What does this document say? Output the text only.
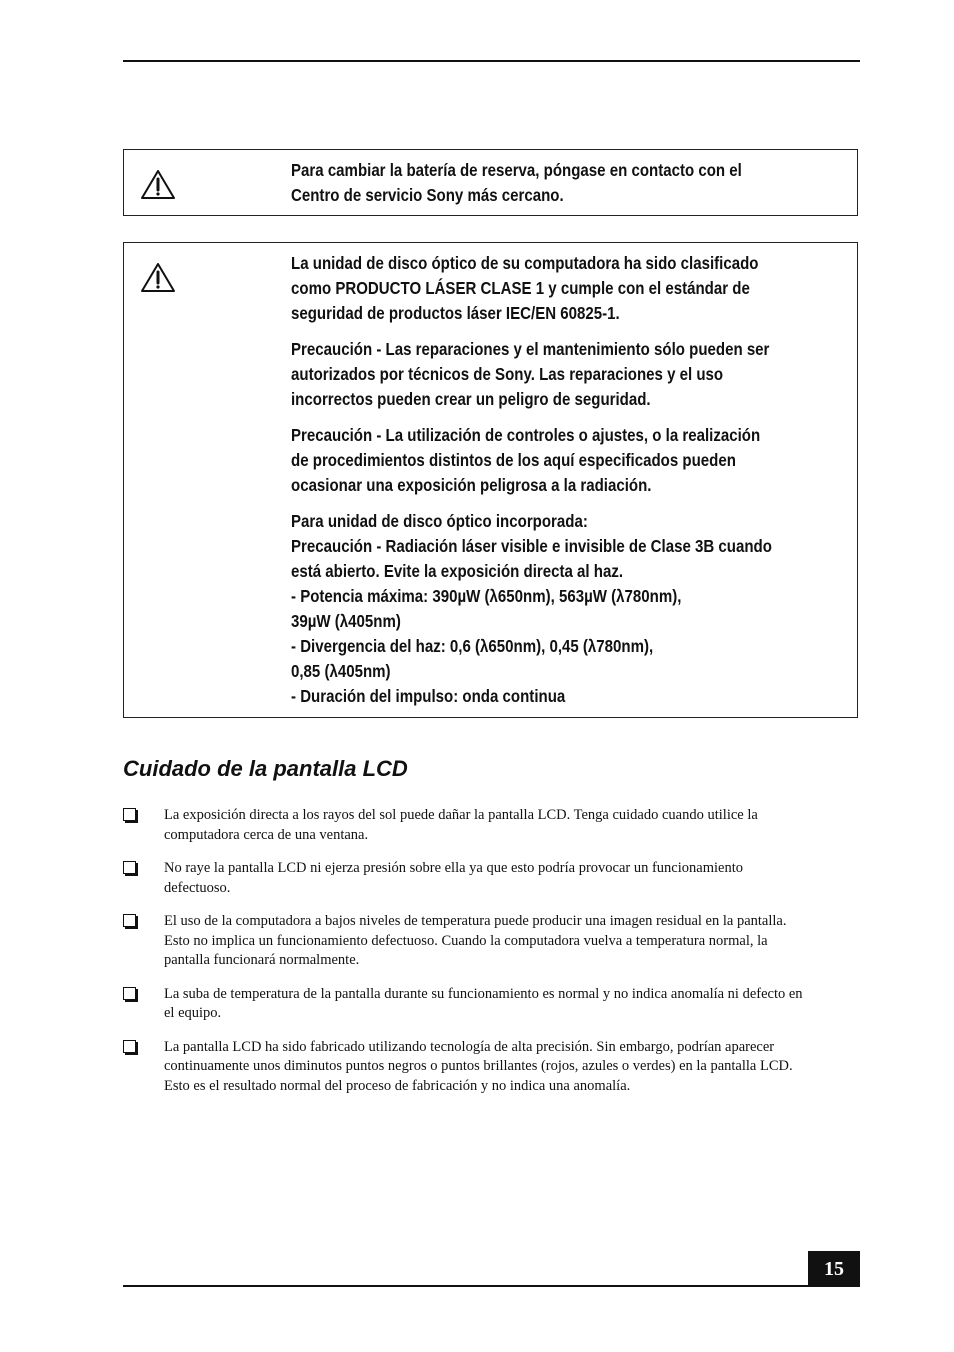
Para cambiar la batería de reserva, póngase en contacto con el
Centro de servicio Sony más cercano.

La unidad de disco óptico de su computadora ha sido clasificado
como PRODUCTO LÁSER CLASE 1 y cumple con el estándar de
seguridad de productos láser IEC/EN 60825-1.

Precaución - Las reparaciones y el mantenimiento sólo pueden ser
autorizados por técnicos de Sony. Las reparaciones y el uso
incorrectos pueden crear un peligro de seguridad.

Precaución - La utilización de controles o ajustes, o la realización
de procedimientos distintos de los aquí especificados pueden
ocasionar una exposición peligrosa a la radiación.

Para unidad de disco óptico incorporada:
Precaución - Radiación láser visible e invisible de Clase 3B cuando
está abierto. Evite la exposición directa al haz.
- Potencia máxima: 390µW (λ650nm), 563µW (λ780nm),
39µW (λ405nm)
- Divergencia del haz: 0,6 (λ650nm), 0,45 (λ780nm),
0,85 (λ405nm)
- Duración del impulso: onda continua

Cuidado de la pantalla LCD
La exposición directa a los rayos del sol puede dañar la pantalla LCD. Tenga cuidado cuando utilice la
computadora cerca de una ventana.
No raye la pantalla LCD ni ejerza presión sobre ella ya que esto podría provocar un funcionamiento
defectuoso.
El uso de la computadora a bajos niveles de temperatura puede producir una imagen residual en la pantalla.
Esto no implica un funcionamiento defectuoso. Cuando la computadora vuelva a temperatura normal, la
pantalla funcionará normalmente.
La suba de temperatura de la pantalla durante su funcionamiento es normal y no indica anomalía ni defecto en
el equipo.
La pantalla LCD ha sido fabricado utilizando tecnología de alta precisión. Sin embargo, podrían aparecer
continuamente unos diminutos puntos negros o puntos brillantes (rojos, azules o verdes) en la pantalla LCD.
Esto es el resultado normal del proceso de fabricación y no indica una anomalía.
15
